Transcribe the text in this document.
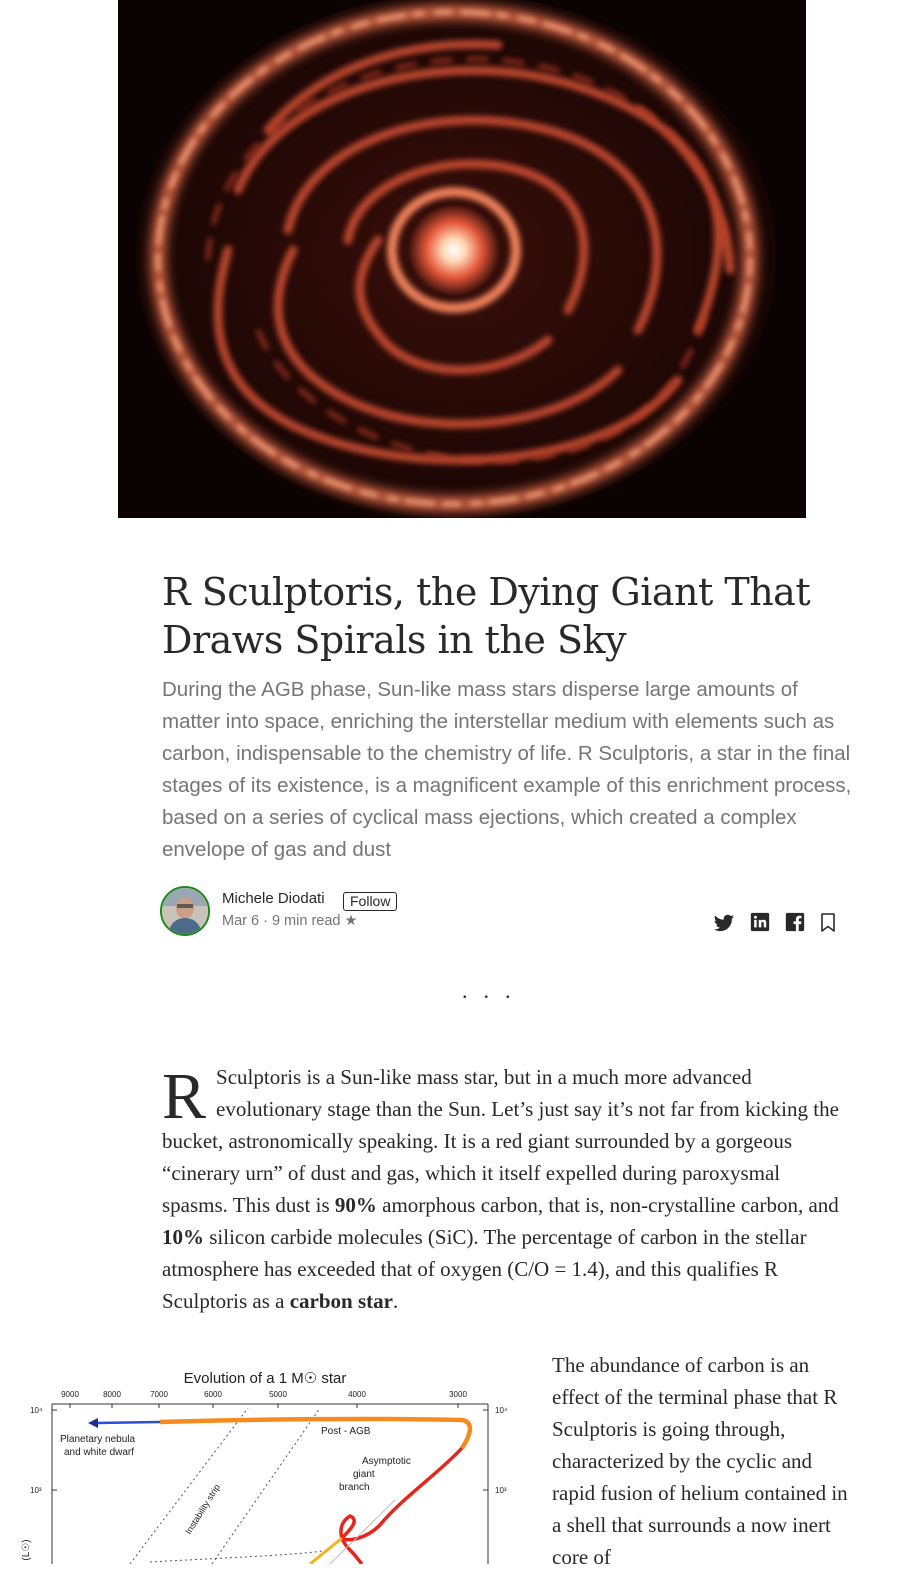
R Sculptoris, the Dying Giant That Draws Spirals in the Sky

During the AGB phase, Sun-like mass stars disperse large amounts of matter into space, enriching the interstellar medium with elements such as carbon, indispensable to the chemistry of life. R Sculptoris, a star in the final stages of its existence, is a magnificent example of this enrichment process, based on a series of cyclical mass ejections, which created a complex envelope of gas and dust

Michele Diodati	Follow
Mar 6 · 9 min read ★
...

R Sculptoris is a Sun-like mass star, but in a much more advanced evolutionary stage than the Sun. Let’s just say it’s not far from kicking the bucket, astronomically speaking. It is a red giant surrounded by a gorgeous “cinerary urn” of dust and gas, which it itself expelled during paroxysmal spasms. This dust is 90% amorphous carbon, that is, non-crystalline carbon, and 10% silicon carbide molecules (SiC). The percentage of carbon in the stellar atmosphere has exceeded that of oxygen (C/O = 1.4), and this qualifies R Sculptoris as a carbon star.

Evolution of a 1 M☉ star
9000	8000	7000	6000	5000	4000	3000
10⁴
10³
10⁴
10³
(L☉)
Instability strip
Planetary nebula
and white dwarf
Post - AGB
Asymptotic
giant
branch

The abundance of carbon is an effect of the terminal phase that R Sculptoris is going through, characterized by the cyclic and rapid fusion of helium contained in a shell that surrounds a now inert core of
